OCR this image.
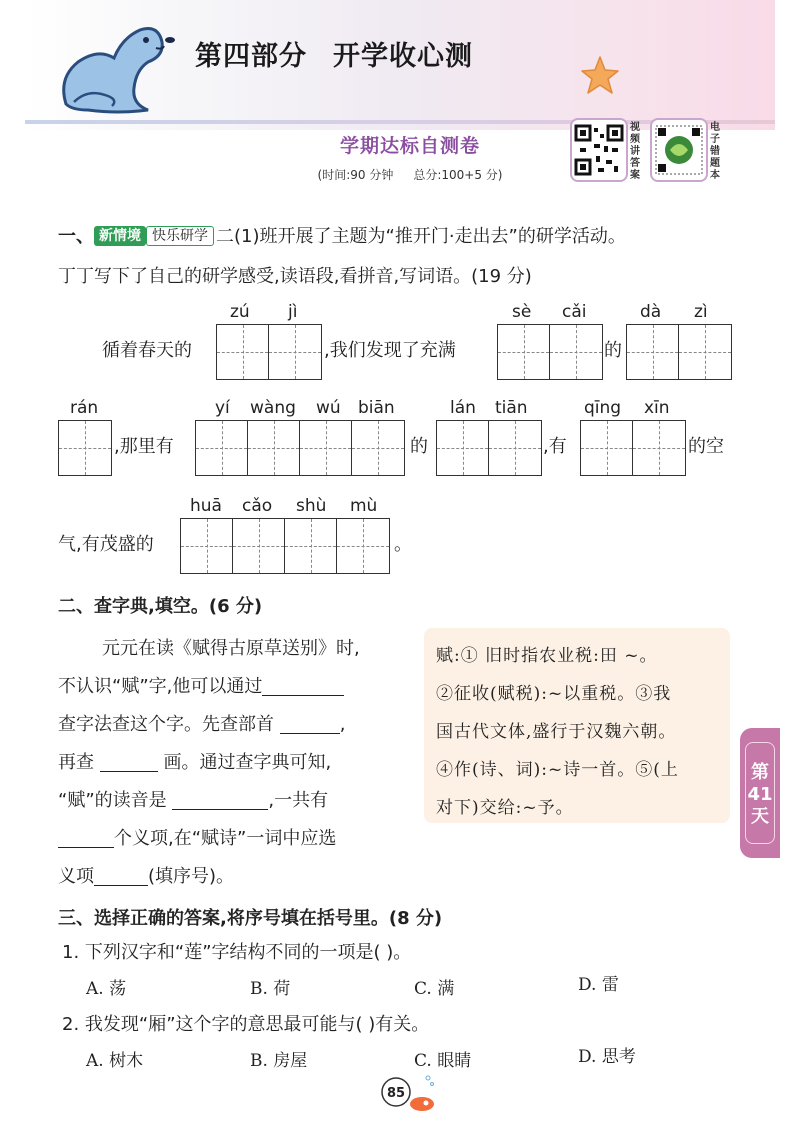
第四部分 开学收心测
学期达标自测卷
(时间:90 分钟 总分:100+5 分)
视
频
讲
答
案
电
子
错
题
本
一、 新情境 快乐研学 二(1)班开展了主题为“推开门·走出去”的研学活动。
丁丁写下了自己的研学感受,读语段,看拼音,写词语。(19 分)
zú jì	sè cǎi	dà zì
循着春天的	,我们发现了充满	的
rán	yí wàng wú biān	lán tiān	qīng xīn
,那里有	的	,有	的空
huā cǎo shù mù
气,有茂盛的	。
二、查字典,填空。(6 分)
元元在读《赋得古原草送别》时,
不认识“赋”字,他可以通过
查字法查这个字。先查部首	,
再查	画。通过查字典可知,
“赋”的读音是	,一共有
个义项,在“赋诗”一词中应选
义项	(填序号)。
赋:① 旧时指农业税:田 ~。
②征收(赋税):~以重税。③我
国古代文体,盛行于汉魏六朝。
④作(诗、词):~诗一首。⑤(上
对下)交给:~予。
第
41
天
三、选择正确的答案,将序号填在括号里。(8 分)
1. 下列汉字和“莲”字结构不同的一项是( )。
A. 荡	B. 荷	C. 满	D. 雷
2. 我发现“厢”这个字的意思最可能与( )有关。
A. 树木	B. 房屋	C. 眼睛	D. 思考
85
